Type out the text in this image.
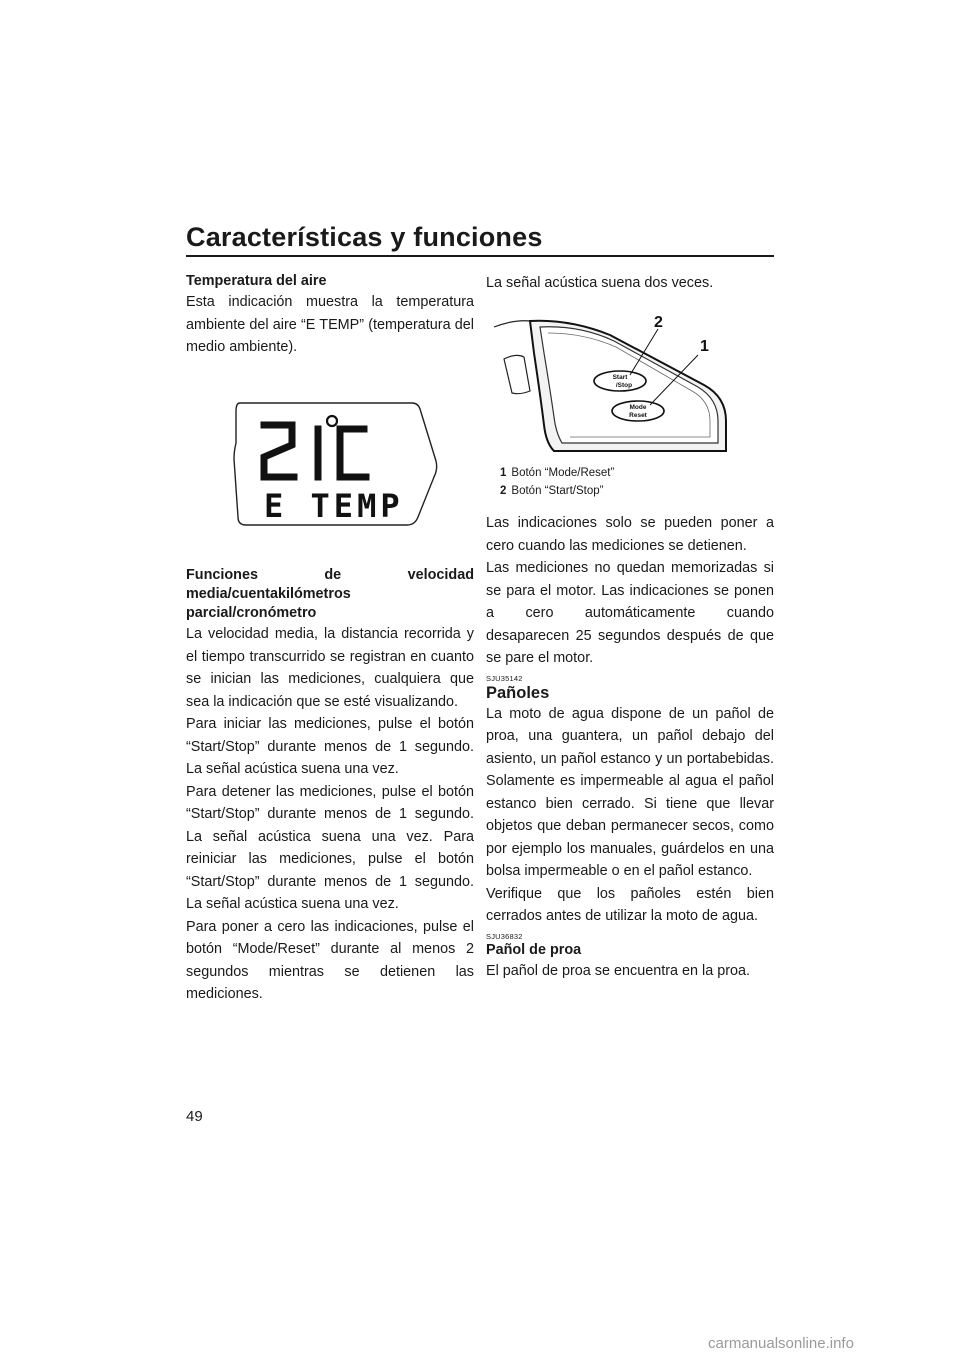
Características y funciones

Temperatura del aire

Esta indicación muestra la temperatura ambiente del aire “E TEMP” (temperatura del medio ambiente).

E TEMP

Funciones de velocidad media/cuentakilómetros parcial/cronómetro

La velocidad media, la distancia recorrida y el tiempo transcurrido se registran en cuanto se inician las mediciones, cualquiera que sea la indicación que se esté visualizando.

Para iniciar las mediciones, pulse el botón “Start/Stop” durante menos de 1 segundo. La señal acústica suena una vez.

Para detener las mediciones, pulse el botón “Start/Stop” durante menos de 1 segundo. La señal acústica suena una vez. Para reiniciar las mediciones, pulse el botón “Start/Stop” durante menos de 1 segundo. La señal acústica suena una vez.

Para poner a cero las indicaciones, pulse el botón “Mode/Reset” durante al menos 2 segundos mientras se detienen las mediciones.

La señal acústica suena dos veces.

Start
/Stop
Mode
Reset
2
1
1 Botón “Mode/Reset”
2 Botón “Start/Stop”

Las indicaciones solo se pueden poner a cero cuando las mediciones se detienen.

Las mediciones no quedan memorizadas si se para el motor. Las indicaciones se ponen a cero automáticamente cuando desaparecen 25 segundos después de que se pare el motor.

SJU35142

Pañoles

La moto de agua dispone de un pañol de proa, una guantera, un pañol debajo del asiento, un pañol estanco y un portabebidas. Solamente es impermeable al agua el pañol estanco bien cerrado. Si tiene que llevar objetos que deban permanecer secos, como por ejemplo los manuales, guárdelos en una bolsa impermeable o en el pañol estanco.

Verifique que los pañoles estén bien cerrados antes de utilizar la moto de agua.

SJU36832

Pañol de proa

El pañol de proa se encuentra en la proa.

49
carmanualsonline.info
